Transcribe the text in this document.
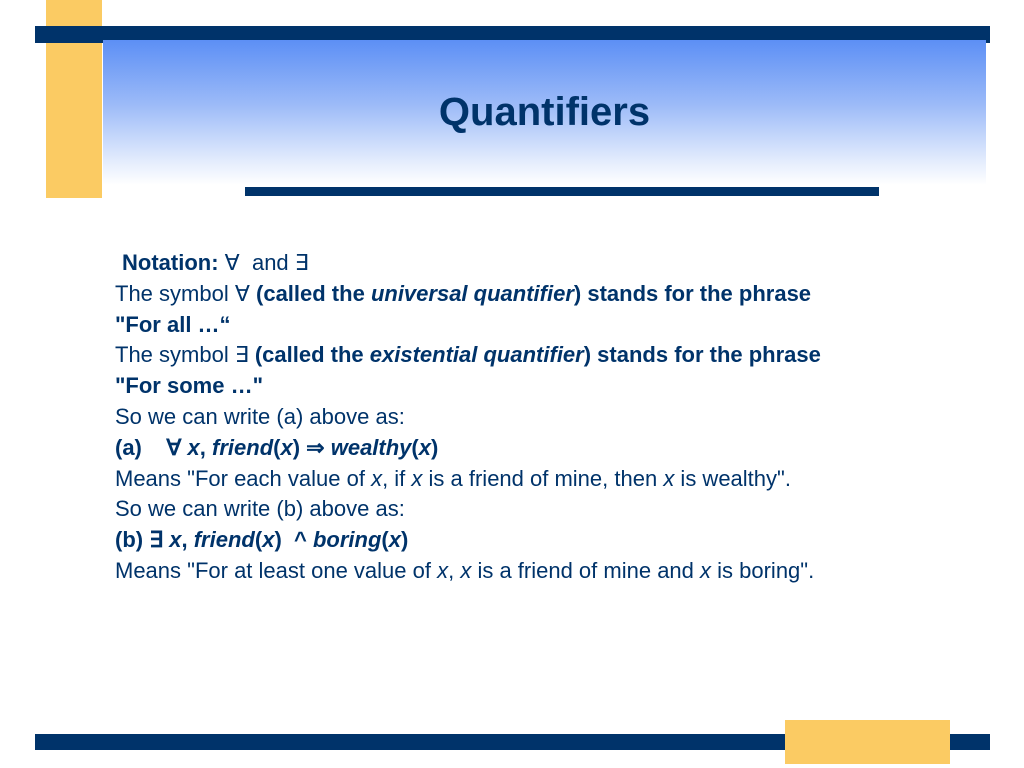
Quantifiers
Notation: ∀ and ∃
The symbol ∀ (called the universal quantifier) stands for the phrase
"For all …“
The symbol ∃ (called the existential quantifier) stands for the phrase
"For some …"
So we can write (a) above as:
(a) ∀ x, friend(x) ⇒ wealthy(x)
Means "For each value of x, if x is a friend of mine, then x is wealthy".
So we can write (b) above as:
(b) ∃ x, friend(x)  ^ boring(x)
Means "For at least one value of x, x is a friend of mine and x is boring".
